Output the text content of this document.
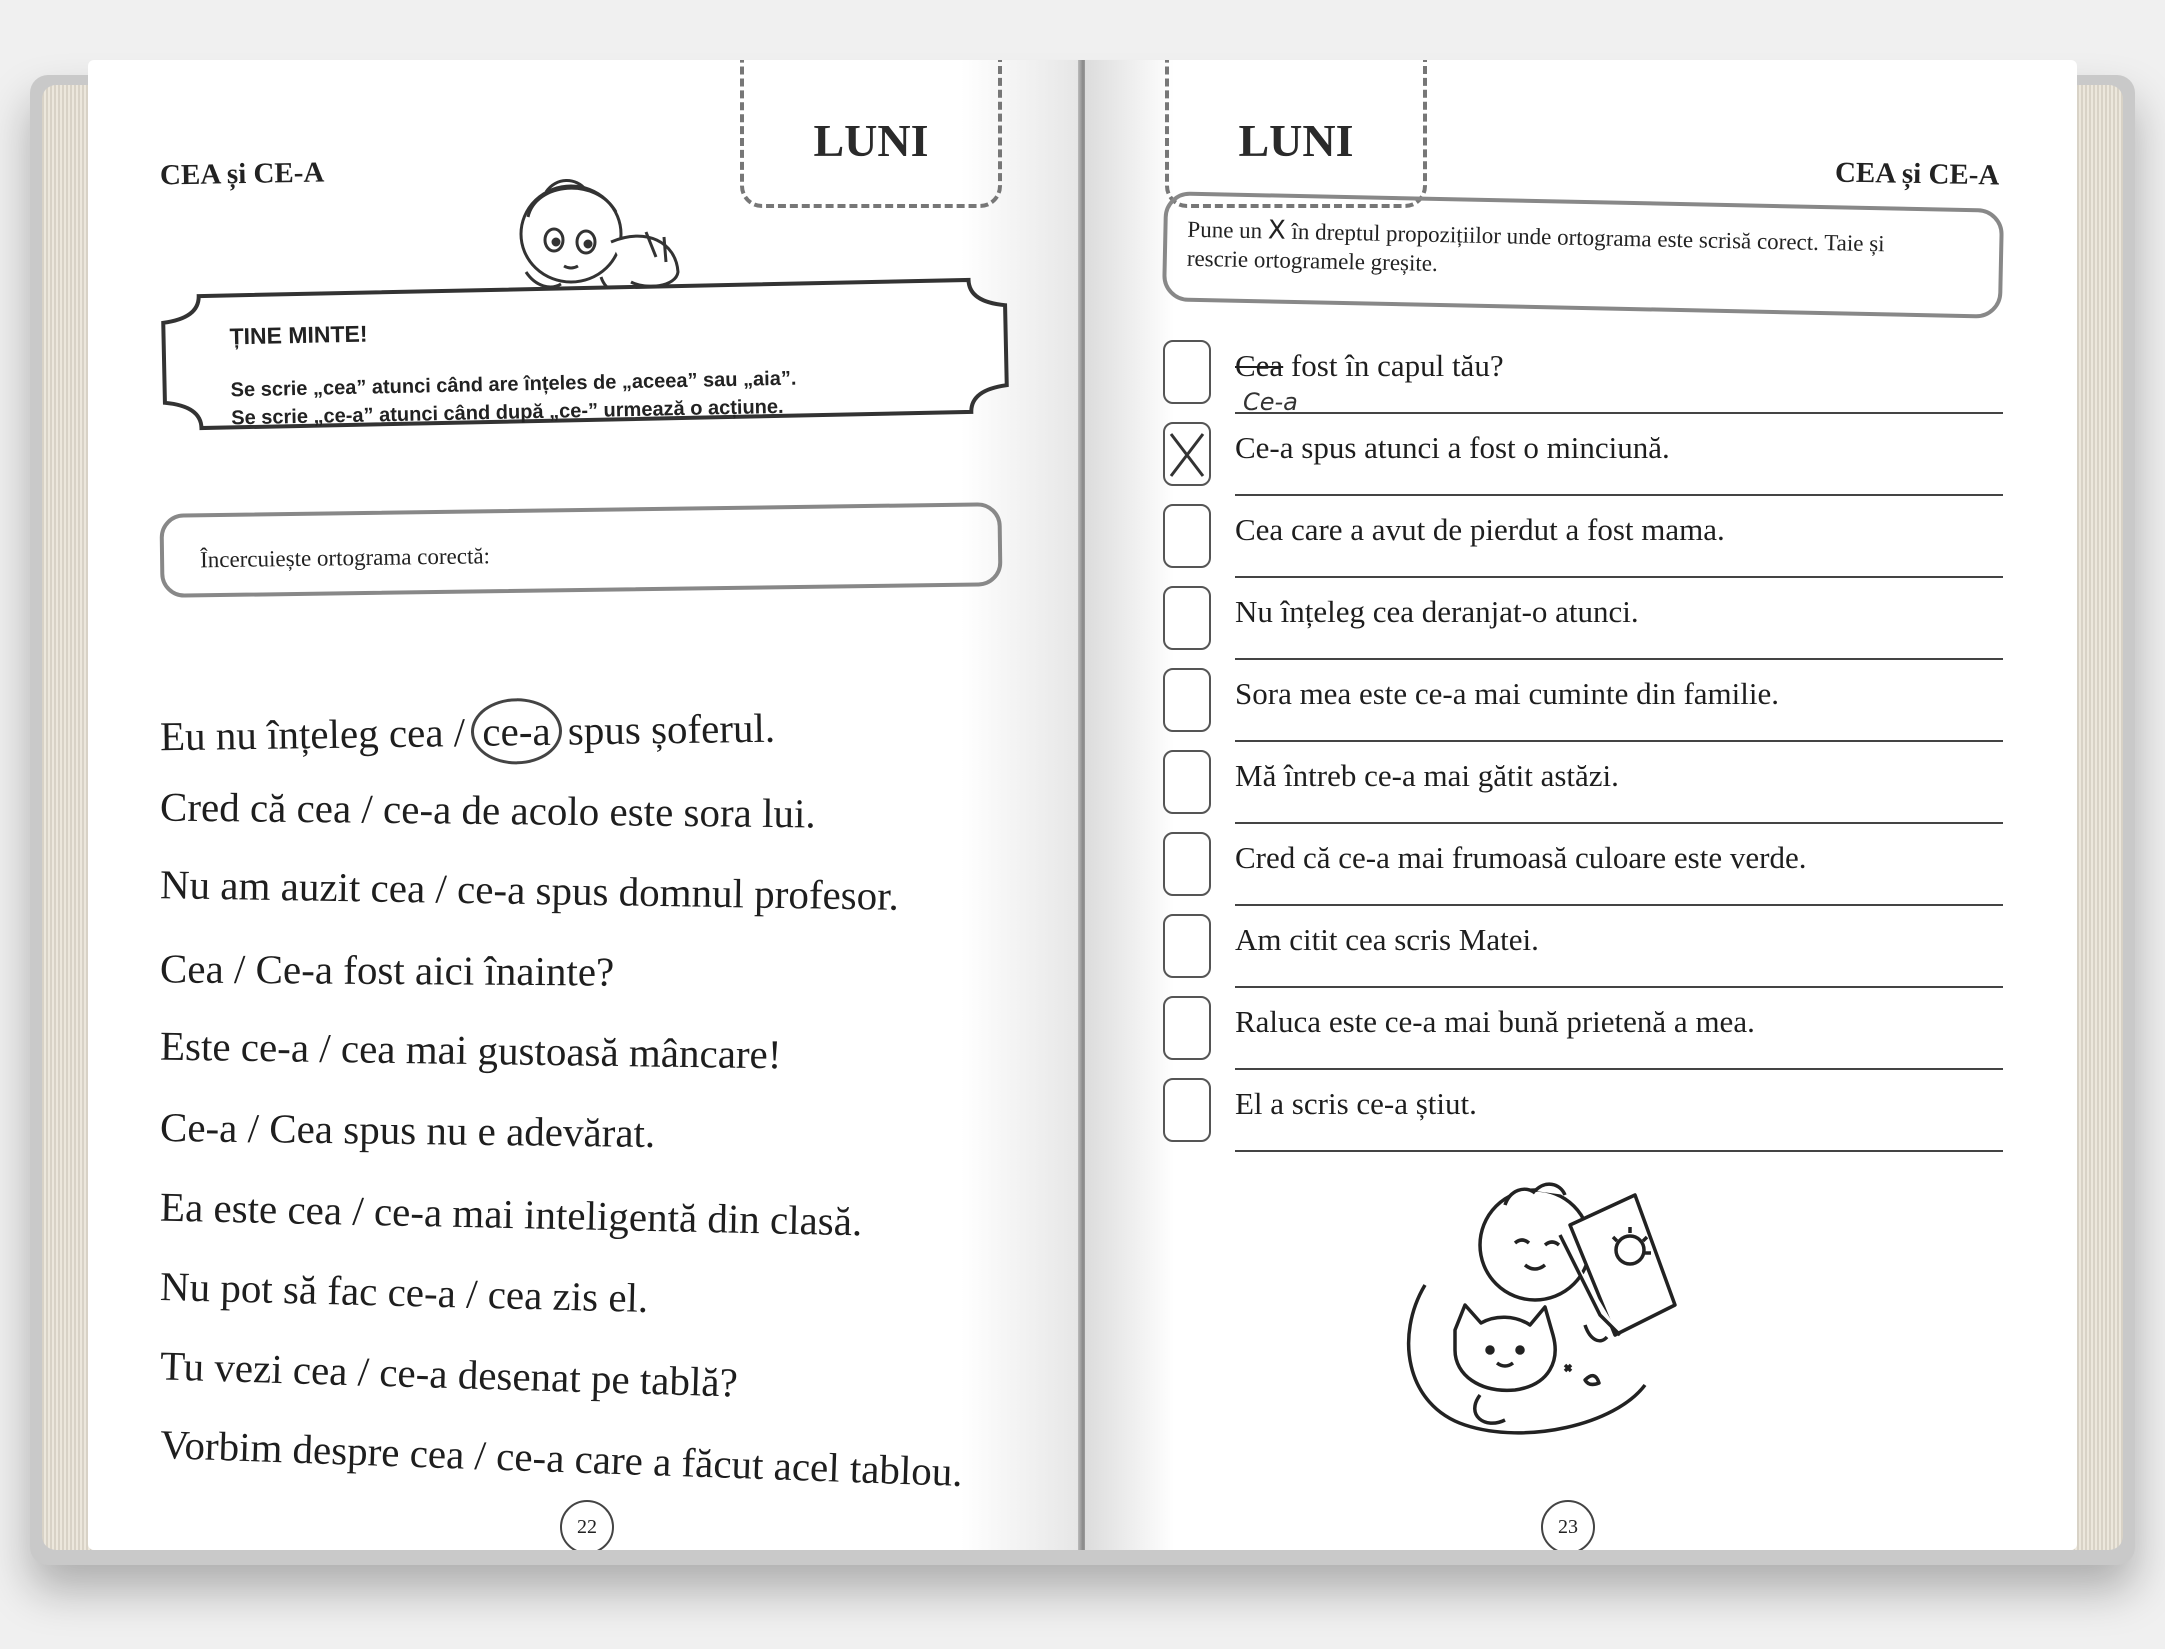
LUNI
CEA și CE-A
ȚINE MINTE!
Se scrie „cea” atunci când are înțeles de „aceea” sau „aia”.
Se scrie „ce-a” atunci când după „ce-” urmează o acțiune.
Încercuiește ortograma corectă:
Eu nu înțeleg cea / ce-a spus șoferul.
Cred că cea / ce-a de acolo este sora lui.
Nu am auzit cea / ce-a spus domnul profesor.
Cea / Ce-a fost aici înainte?
Este ce-a / cea mai gustoasă mâncare!
Ce-a / Cea spus nu e adevărat.
Ea este cea / ce-a mai inteligentă din clasă.
Nu pot să fac ce-a / cea zis el.
Tu vezi cea / ce-a desenat pe tablă?
Vorbim despre cea / ce-a care a făcut acel tablou.
22
LUNI
CEA și CE-A
Pune un X în dreptul propozițiilor unde ortograma este scrisă corect. Taie și
rescrie ortogramele greșite.
Cea fost în capul tău?
Ce-a
Ce-a spus atunci a fost o minciună.
Cea care a avut de pierdut a fost mama.
Nu înțeleg cea deranjat-o atunci.
Sora mea este ce-a mai cuminte din familie.
Mă întreb ce-a mai gătit astăzi.
Cred că ce-a mai frumoasă culoare este verde.
Am citit cea scris Matei.
Raluca este ce-a mai bună prietenă a mea.
El a scris ce-a știut.
23
